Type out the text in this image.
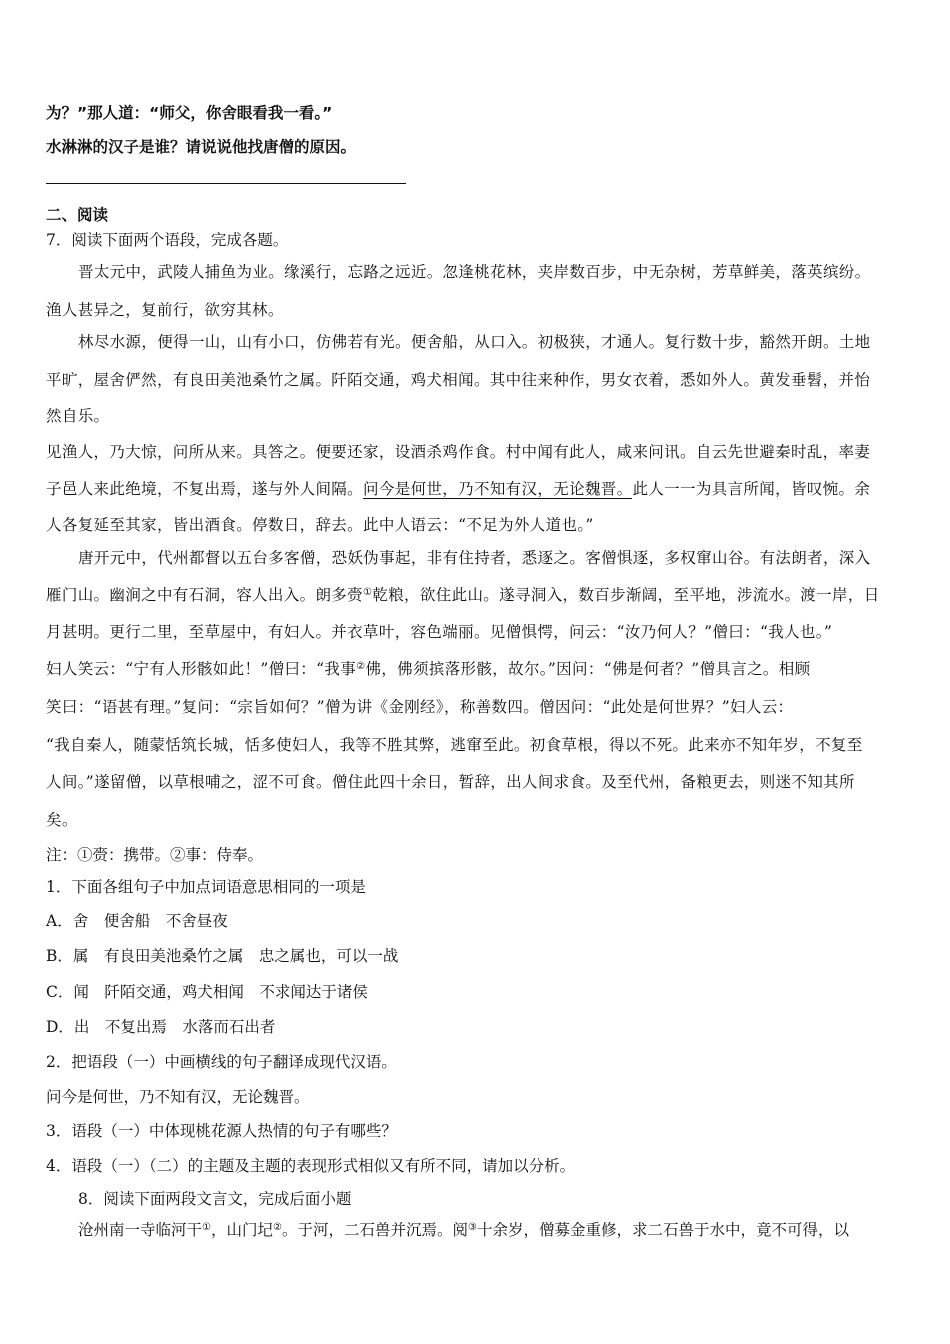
为？”那人道：“师父，你舍眼看我一看。”
水淋淋的汉子是谁？请说说他找唐僧的原因。
二、阅读
7．阅读下面两个语段，完成各题。
晋太元中，武陵人捕鱼为业。缘溪行，忘路之远近。忽逢桃花林，夹岸数百步，中无杂树，芳草鲜美，落英缤纷。
渔人甚异之，复前行，欲穷其林。
林尽水源，便得一山，山有小口，仿佛若有光。便舍船，从口入。初极狭，才通人。复行数十步，豁然开朗。土地
平旷，屋舍俨然，有良田美池桑竹之属。阡陌交通，鸡犬相闻。其中往来种作，男女衣着，悉如外人。黄发垂髫，并怡
然自乐。
见渔人，乃大惊，问所从来。具答之。便要还家，设酒杀鸡作食。村中闻有此人，咸来问讯。自云先世避秦时乱，率妻
子邑人来此绝境，不复出焉，遂与外人间隔。问今是何世，乃不知有汉，无论魏晋。此人一一为具言所闻，皆叹惋。余
人各复延至其家，皆出酒食。停数日，辞去。此中人语云：“不足为外人道也。”
唐开元中，代州都督以五台多客僧，恐妖伪事起，非有住持者，悉逐之。客僧惧逐，多权窜山谷。有法朗者，深入
雁门山。幽涧之中有石洞，容人出入。朗多赍①乾粮，欲住此山。遂寻洞入，数百步渐阔，至平地，涉流水。渡一岸，日
月甚明。更行二里，至草屋中，有妇人。并衣草叶，容色端丽。见僧惧愕，问云：“汝乃何人？”僧曰：“我人也。”
妇人笑云：“宁有人形骸如此！”僧曰：“我事②佛，佛须摈落形骸，故尔。”因问：“佛是何者？”僧具言之。相顾
笑曰：“语甚有理。”复问：“宗旨如何？”僧为讲《金刚经》，称善数四。僧因问：“此处是何世界？”妇人云：
“我自秦人，随蒙恬筑长城，恬多使妇人，我等不胜其弊，逃窜至此。初食草根，得以不死。此来亦不知年岁，不复至
人间。”遂留僧，以草根哺之，涩不可食。僧住此四十余日，暂辞，出人间求食。及至代州，备粮更去，则迷不知其所
矣。
注：①赍：携带。②事：侍奉。
1．下面各组句子中加点词语意思相同的一项是
A．舍　便舍船　不舍昼夜
B．属　有良田美池桑竹之属　忠之属也，可以一战
C．闻　阡陌交通，鸡犬相闻　不求闻达于诸侯
D．出　不复出焉　水落而石出者
2．把语段（一）中画横线的句子翻译成现代汉语。
问今是何世，乃不知有汉，无论魏晋。
3．语段（一）中体现桃花源人热情的句子有哪些？
4．语段（一）（二）的主题及主题的表现形式相似又有所不同，请加以分析。
8．阅读下面两段文言文，完成后面小题
沧州南一寺临河干①，山门圮②。于河，二石兽并沉焉。阅③十余岁，僧募金重修，求二石兽于水中，竟不可得，以
